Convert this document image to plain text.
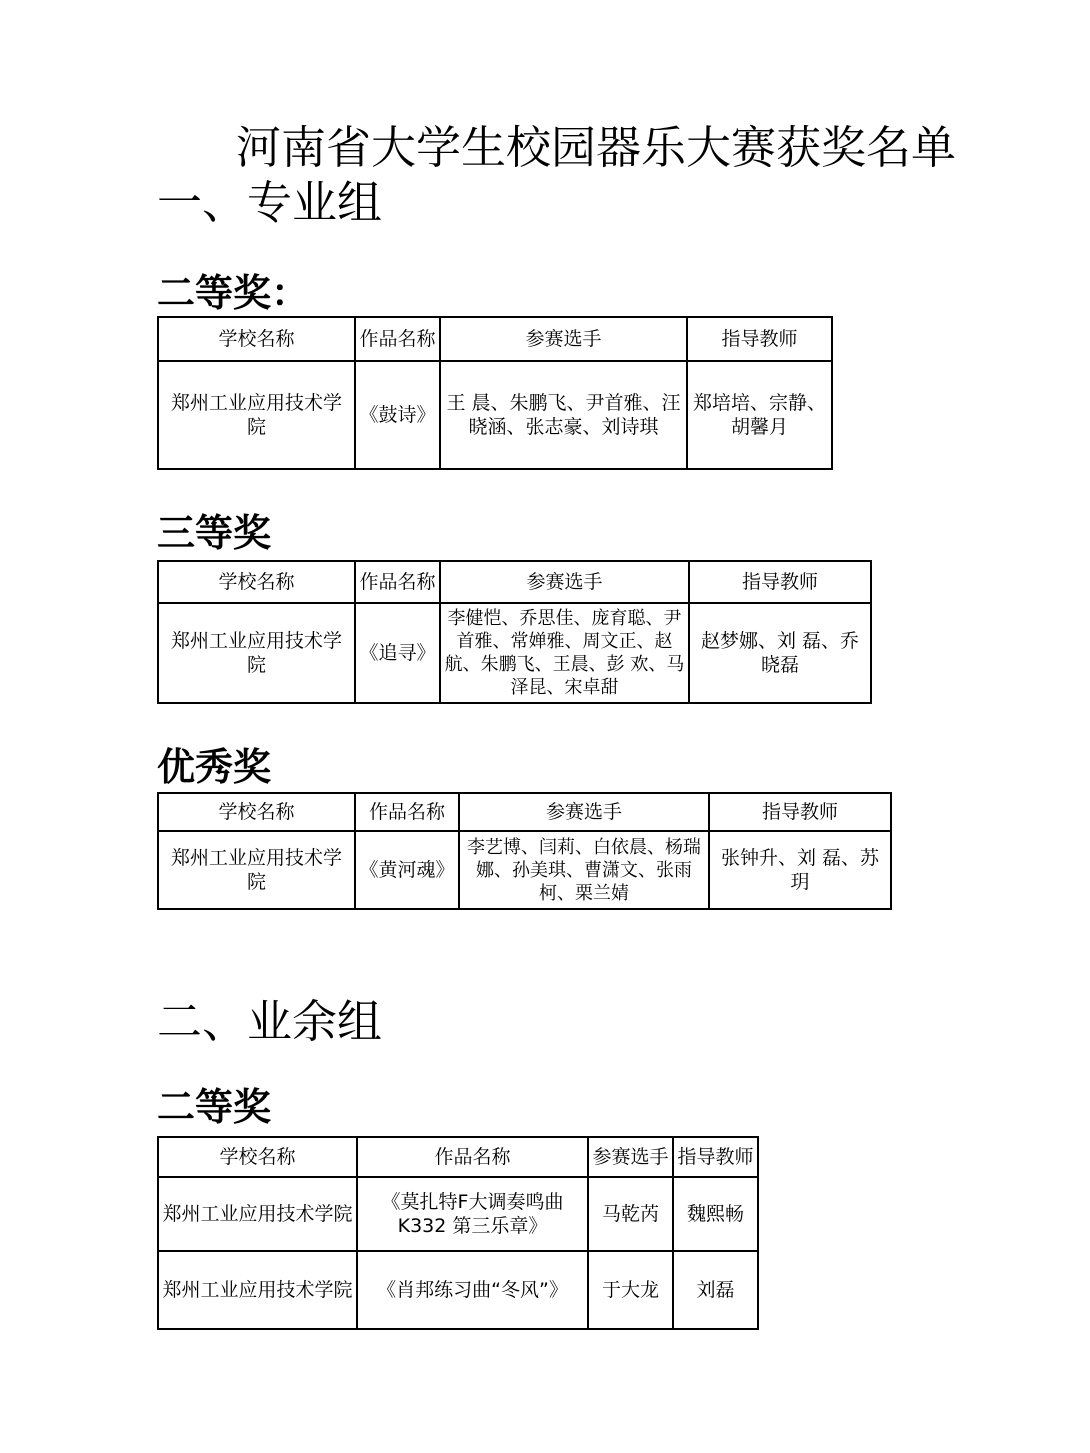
河南省大学生校园器乐大赛获奖名单
一、专业组
二等奖：
学校名称	作品名称	参赛选手	指导教师
郑州工业应用技术学院	《鼓诗》	王 晨、朱鹏飞、尹首雅、汪晓涵、张志豪、刘诗琪	郑培培、宗静、胡馨月
三等奖
学校名称	作品名称	参赛选手	指导教师
郑州工业应用技术学院	《追寻》	李健恺、乔思佳、庞育聪、尹首雅、常婵雅、周文正、赵航、朱鹏飞、王晨、彭 欢、马泽昆、宋卓甜	赵梦娜、刘 磊、乔晓磊
优秀奖
学校名称	作品名称	参赛选手	指导教师
郑州工业应用技术学院	《黄河魂》	李艺博、闫莉、白依晨、杨瑞娜、孙美琪、曹潇文、张雨柯、栗兰婧	张钟升、刘 磊、苏玥
二、业余组
二等奖
学校名称	作品名称	参赛选手	指导教师
郑州工业应用技术学院	《莫扎特F大调奏鸣曲K332 第三乐章》	马乾芮	魏熙畅
郑州工业应用技术学院	《肖邦练习曲“冬风”》	于大龙	刘磊
